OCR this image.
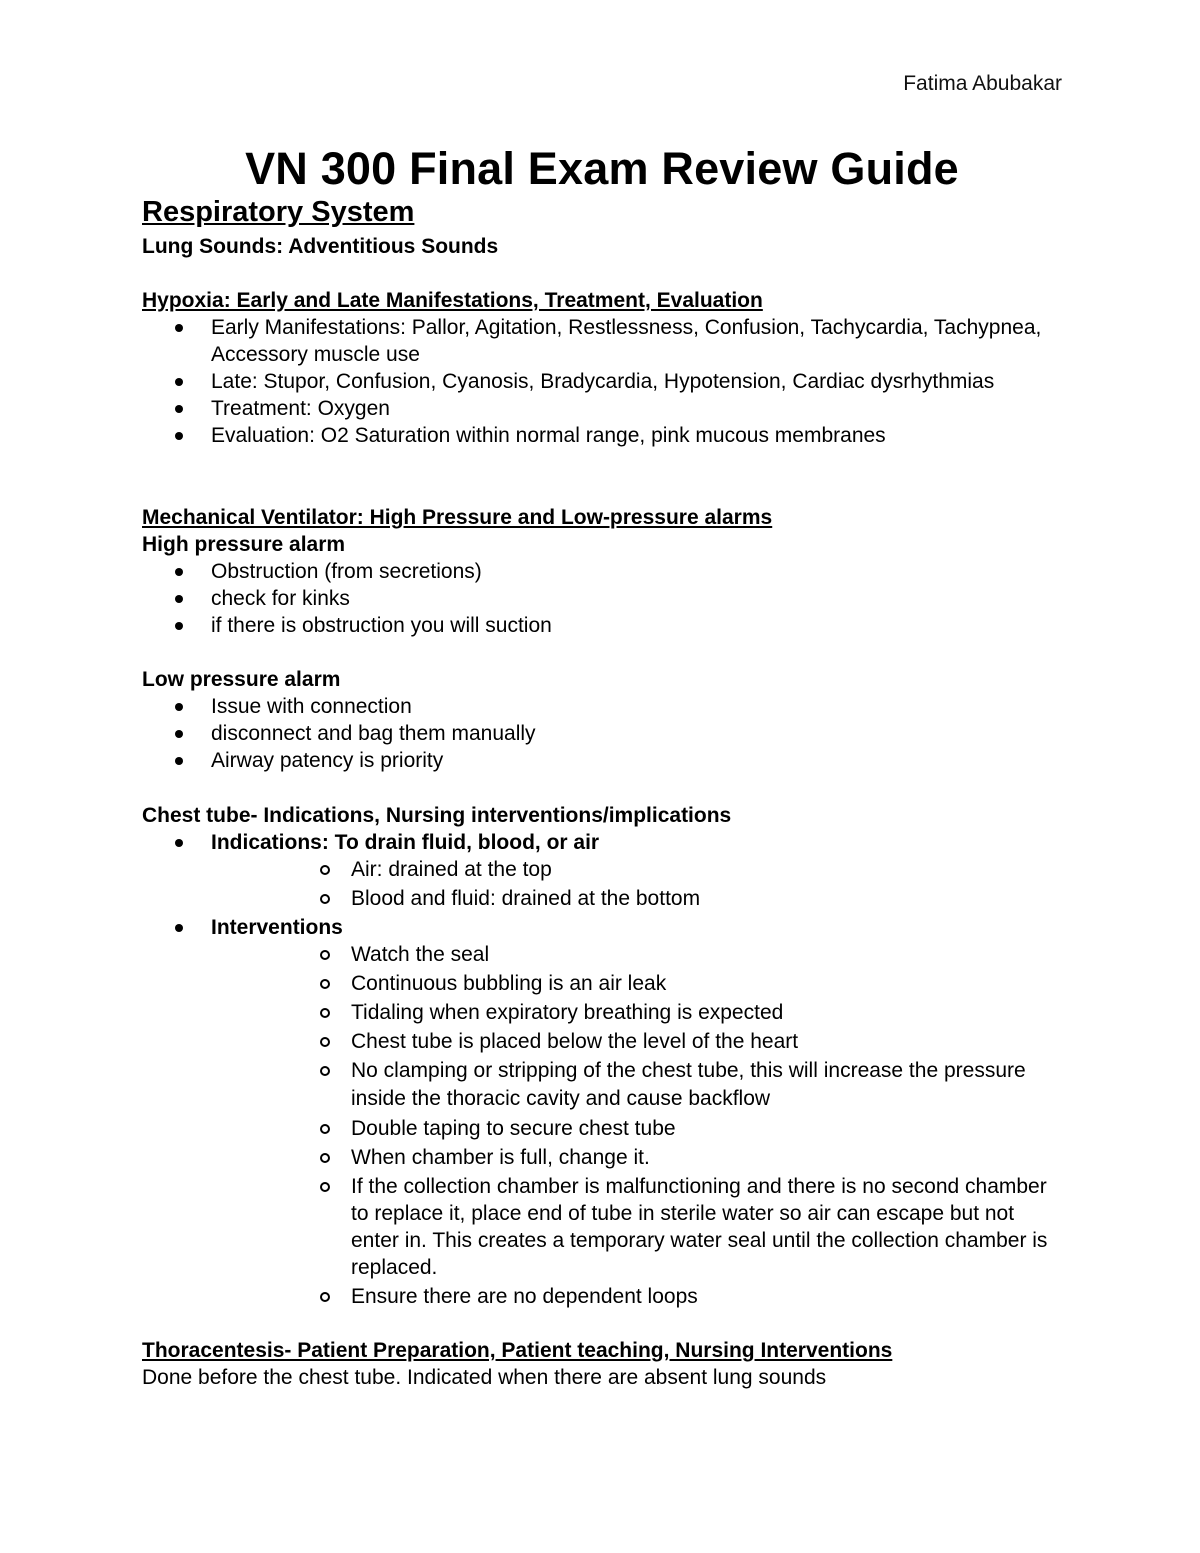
Fatima Abubakar
VN 300 Final Exam Review Guide
Respiratory System

Lung Sounds: Adventitious Sounds

Hypoxia: Early and Late Manifestations, Treatment, Evaluation

Early Manifestations: Pallor, Agitation, Restlessness, Confusion, Tachycardia, Tachypnea, Accessory muscle use
Late: Stupor, Confusion, Cyanosis, Bradycardia, Hypotension, Cardiac dysrhythmias
Treatment: Oxygen
Evaluation: O2 Saturation within normal range, pink mucous membranes

Mechanical Ventilator: High Pressure and Low-pressure alarms

High pressure alarm

Obstruction (from secretions)
check for kinks
if there is obstruction you will suction

Low pressure alarm

Issue with connection
disconnect and bag them manually
Airway patency is priority

Chest tube- Indications, Nursing interventions/implications

Indications: To drain fluid, blood, or air
Air: drained at the top
Blood and fluid: drained at the bottom
Interventions
Watch the seal
Continuous bubbling is an air leak
Tidaling when expiratory breathing is expected
Chest tube is placed below the level of the heart
No clamping or stripping of the chest tube, this will increase the pressure inside the thoracic cavity and cause backflow
Double taping to secure chest tube
When chamber is full, change it.
If the collection chamber is malfunctioning and there is no second chamber to replace it, place end of tube in sterile water so air can escape but not enter in. This creates a temporary water seal until the collection chamber is replaced.
Ensure there are no dependent loops

Thoracentesis- Patient Preparation, Patient teaching, Nursing Interventions

Done before the chest tube. Indicated when there are absent lung sounds
